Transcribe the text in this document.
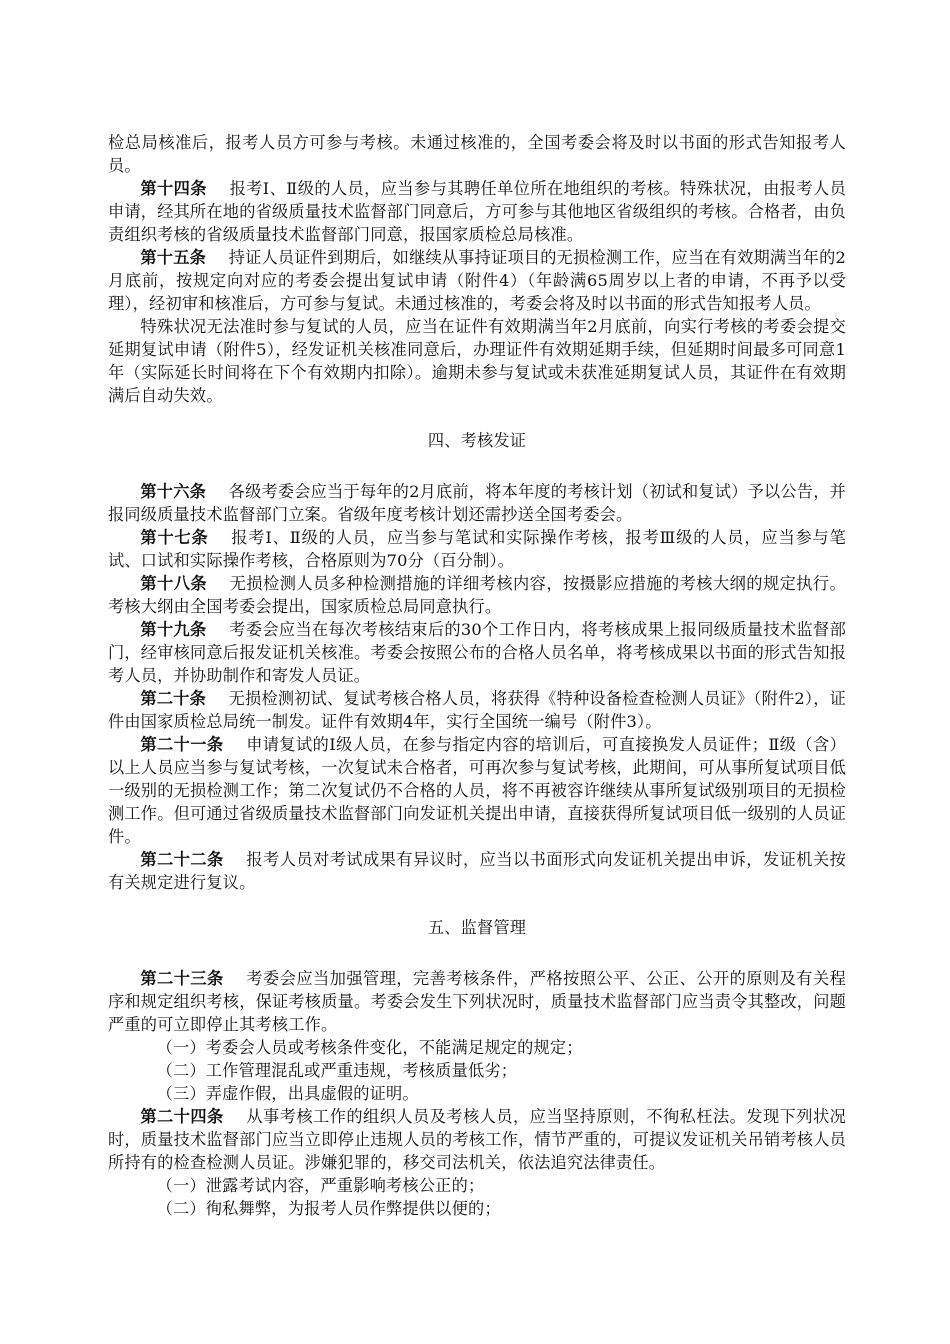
检总局核准后，报考人员方可参与考核。未通过核准的，全国考委会将及时以书面的形式告知报考人员。

第十四条 报考Ⅰ、Ⅱ级的人员，应当参与其聘任单位所在地组织的考核。特殊状况，由报考人员申请，经其所在地的省级质量技术监督部门同意后，方可参与其他地区省级组织的考核。合格者，由负责组织考核的省级质量技术监督部门同意，报国家质检总局核准。

第十五条 持证人员证件到期后，如继续从事持证项目的无损检测工作，应当在有效期满当年的2月底前，按规定向对应的考委会提出复试申请（附件4）（年龄满65周岁以上者的申请，不再予以受理），经初审和核准后，方可参与复试。未通过核准的，考委会将及时以书面的形式告知报考人员。

特殊状况无法准时参与复试的人员，应当在证件有效期满当年2月底前，向实行考核的考委会提交延期复试申请（附件5），经发证机关核准同意后，办理证件有效期延期手续，但延期时间最多可同意1年（实际延长时间将在下个有效期内扣除）。逾期未参与复试或未获准延期复试人员，其证件在有效期满后自动失效。

四、考核发证

第十六条 各级考委会应当于每年的2月底前，将本年度的考核计划（初试和复试）予以公告，并报同级质量技术监督部门立案。省级年度考核计划还需抄送全国考委会。

第十七条 报考Ⅰ、Ⅱ级的人员，应当参与笔试和实际操作考核，报考Ⅲ级的人员，应当参与笔试、口试和实际操作考核，合格原则为70分（百分制）。

第十八条 无损检测人员多种检测措施的详细考核内容，按摄影应措施的考核大纲的规定执行。考核大纲由全国考委会提出，国家质检总局同意执行。

第十九条 考委会应当在每次考核结束后的30个工作日内，将考核成果上报同级质量技术监督部门，经审核同意后报发证机关核准。考委会按照公布的合格人员名单，将考核成果以书面的形式告知报考人员，并协助制作和寄发人员证。

第二十条 无损检测初试、复试考核合格人员，将获得《特种设备检查检测人员证》（附件2），证件由国家质检总局统一制发。证件有效期4年，实行全国统一编号（附件3）。

第二十一条 申请复试的Ⅰ级人员，在参与指定内容的培训后，可直接换发人员证件；Ⅱ级（含）以上人员应当参与复试考核，一次复试未合格者，可再次参与复试考核，此期间，可从事所复试项目低一级别的无损检测工作；第二次复试仍不合格的人员，将不再被容许继续从事所复试级别项目的无损检测工作。但可通过省级质量技术监督部门向发证机关提出申请，直接获得所复试项目低一级别的人员证件。

第二十二条 报考人员对考试成果有异议时，应当以书面形式向发证机关提出申诉，发证机关按有关规定进行复议。

五、监督管理

第二十三条 考委会应当加强管理，完善考核条件，严格按照公平、公正、公开的原则及有关程序和规定组织考核，保证考核质量。考委会发生下列状况时，质量技术监督部门应当责令其整改，问题严重的可立即停止其考核工作。

（一）考委会人员或考核条件变化，不能满足规定的规定；

（二）工作管理混乱或严重违规，考核质量低劣；

（三）弄虚作假，出具虚假的证明。

第二十四条 从事考核工作的组织人员及考核人员，应当坚持原则，不徇私枉法。发现下列状况时，质量技术监督部门应当立即停止违规人员的考核工作，情节严重的，可提议发证机关吊销考核人员所持有的检查检测人员证。涉嫌犯罪的，移交司法机关，依法追究法律责任。

（一）泄露考试内容，严重影响考核公正的；

（二）徇私舞弊，为报考人员作弊提供以便的；
